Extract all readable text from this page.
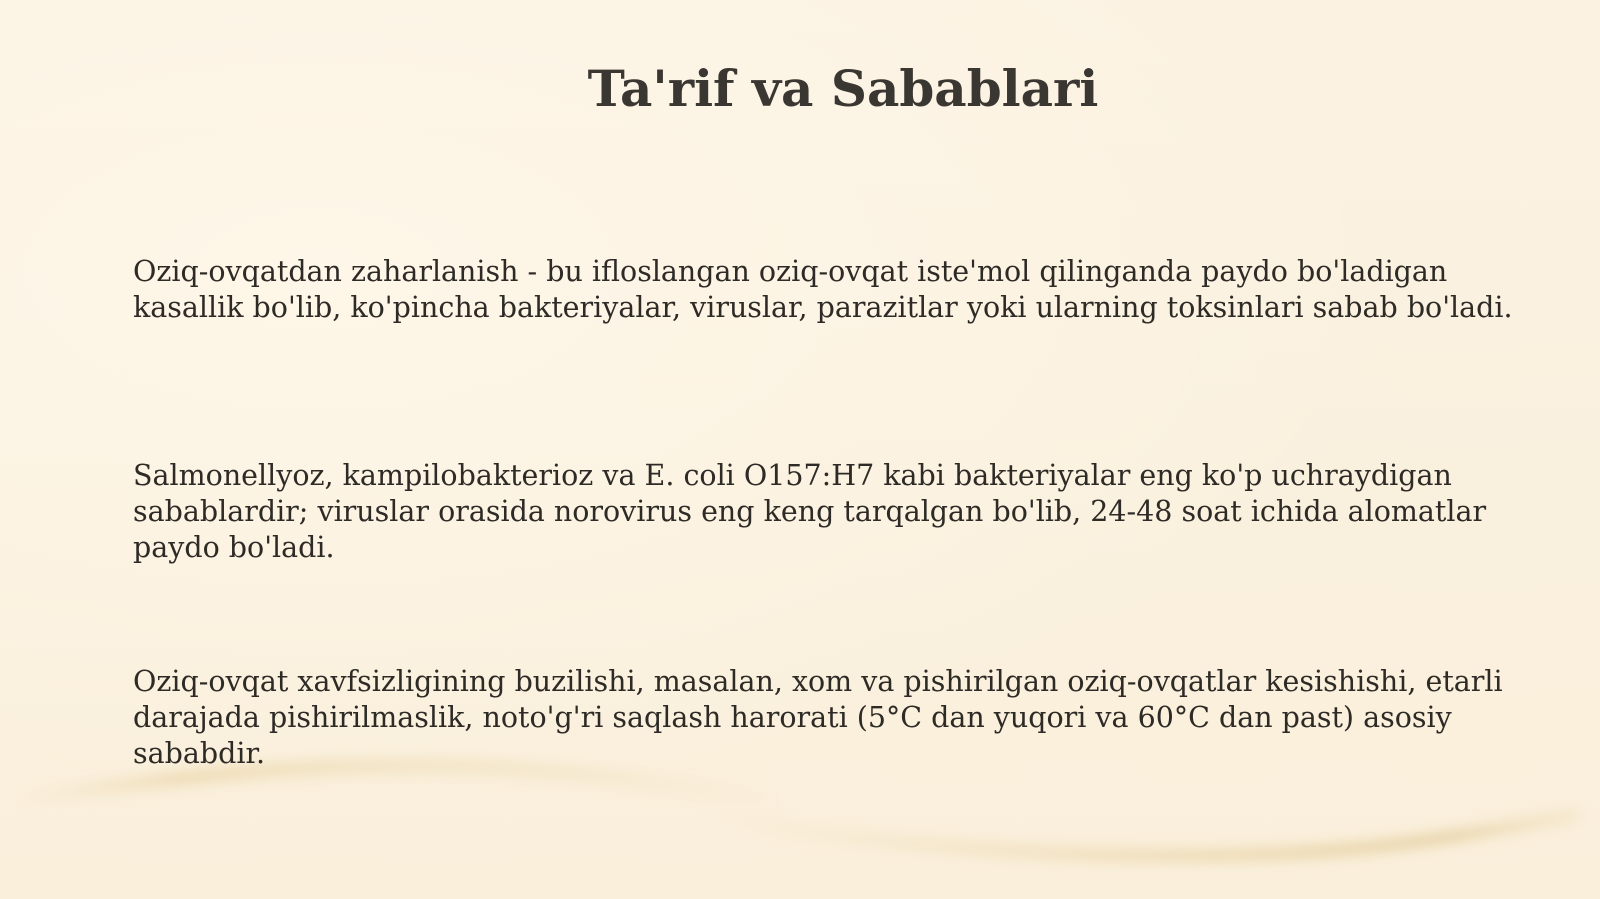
Ta'rif va Sabablari

Oziq-ovqatdan zaharlanish - bu ifloslangan oziq-ovqat iste'mol qilinganda paydo bo'ladigan kasallik bo'lib, ko'pincha bakteriyalar, viruslar, parazitlar yoki ularning toksinlari sabab bo'ladi.

Salmonellyoz, kampilobakterioz va E. coli O157:H7 kabi bakteriyalar eng ko'p uchraydigan sabablardir; viruslar orasida norovirus eng keng tarqalgan bo'lib, 24-48 soat ichida alomatlar paydo bo'ladi.

Oziq-ovqat xavfsizligining buzilishi, masalan, xom va pishirilgan oziq-ovqatlar kesishishi, etarli darajada pishirilmaslik, noto'g'ri saqlash harorati (5°C dan yuqori va 60°C dan past) asosiy sababdir.
